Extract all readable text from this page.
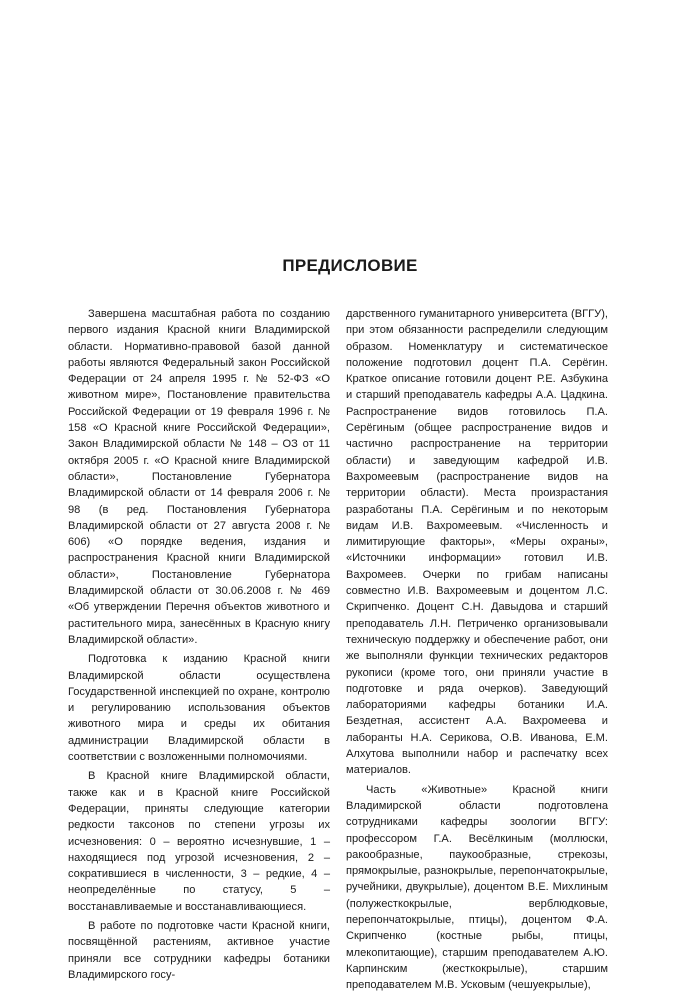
ПРЕДИСЛОВИЕ

Завершена масштабная работа по созданию первого издания Красной книги Владимирской области. Нормативно-правовой базой данной работы являются Федеральный закон Российской Федерации от 24 апреля 1995 г. № 52-ФЗ «О животном мире», Постановление правительства Российской Федерации от 19 февраля 1996 г. № 158 «О Красной книге Российской Федерации», Закон Владимирской области № 148 – ОЗ от 11 октября 2005 г. «О Красной книге Владимирской области», Постановление Губернатора Владимирской области от 14 февраля 2006 г. № 98 (в ред. Постановления Губернатора Владимирской области от 27 августа 2008 г. № 606) «О порядке ведения, издания и распространения Красной книги Владимирской области», Постановление Губернатора Владимирской области от 30.06.2008 г. № 469 «Об утверждении Перечня объектов животного и растительного мира, занесённых в Красную книгу Владимирской области».

Подготовка к изданию Красной книги Владимирской области осуществлена Государственной инспекцией по охране, контролю и регулированию использования объектов животного мира и среды их обитания администрации Владимирской области в соответствии с возложенными полномочиями.

В Красной книге Владимирской области, также как и в Красной книге Российской Федерации, приняты следующие категории редкости таксонов по степени угрозы их исчезновения: 0 – вероятно исчезнувшие, 1 – находящиеся под угрозой исчезновения, 2 – сократившиеся в численности, 3 – редкие, 4 – неопределённые по статусу, 5 – восстанавливаемые и восстанавливающиеся.

В работе по подготовке части Красной книги, посвящённой растениям, активное участие приняли все сотрудники кафедры ботаники Владимирского госу-

дарственного гуманитарного университета (ВГГУ), при этом обязанности распределили следующим образом. Номенклатуру и систематическое положение подготовил доцент П.А. Серёгин. Краткое описание готовили доцент Р.Е. Азбукина и старший преподаватель кафедры А.А. Цадкина. Распространение видов готовилось П.А. Серёгиным (общее распространение видов и частично распространение на территории области) и заведующим кафедрой И.В. Вахромеевым (распространение видов на территории области). Места произрастания разработаны П.А. Серёгиным и по некоторым видам И.В. Вахромеевым. «Численность и лимитирующие факторы», «Меры охраны», «Источники информации» готовил И.В. Вахромеев. Очерки по грибам написаны совместно И.В. Вахромеевым и доцентом Л.С. Скрипченко. Доцент С.Н. Давыдова и старший преподаватель Л.Н. Петриченко организовывали техническую поддержку и обеспечение работ, они же выполняли функции технических редакторов рукописи (кроме того, они приняли участие в подготовке и ряда очерков). Заведующий лабораториями кафедры ботаники И.А. Бездетная, ассистент А.А. Вахромеева и лаборанты Н.А. Серикова, О.В. Иванова, Е.М. Алхутова выполнили набор и распечатку всех материалов.

Часть «Животные» Красной книги Владимирской области подготовлена сотрудниками кафедры зоологии ВГГУ: профессором Г.А. Весёлкиным (моллюски, ракообразные, паукообразные, стрекозы, прямокрылые, разнокрылые, перепончатокрылые, ручейники, двукрылые), доцентом В.Е. Михлиным (полужесткокрылые, верблюдковые, перепончатокрылые, птицы), доцентом Ф.А. Скрипченко (костные рыбы, птицы, млекопитающие), старшим преподавателем А.Ю. Карпинским (жесткокрылые), старшим преподавателем М.В. Усковым (чешуекрылые),
